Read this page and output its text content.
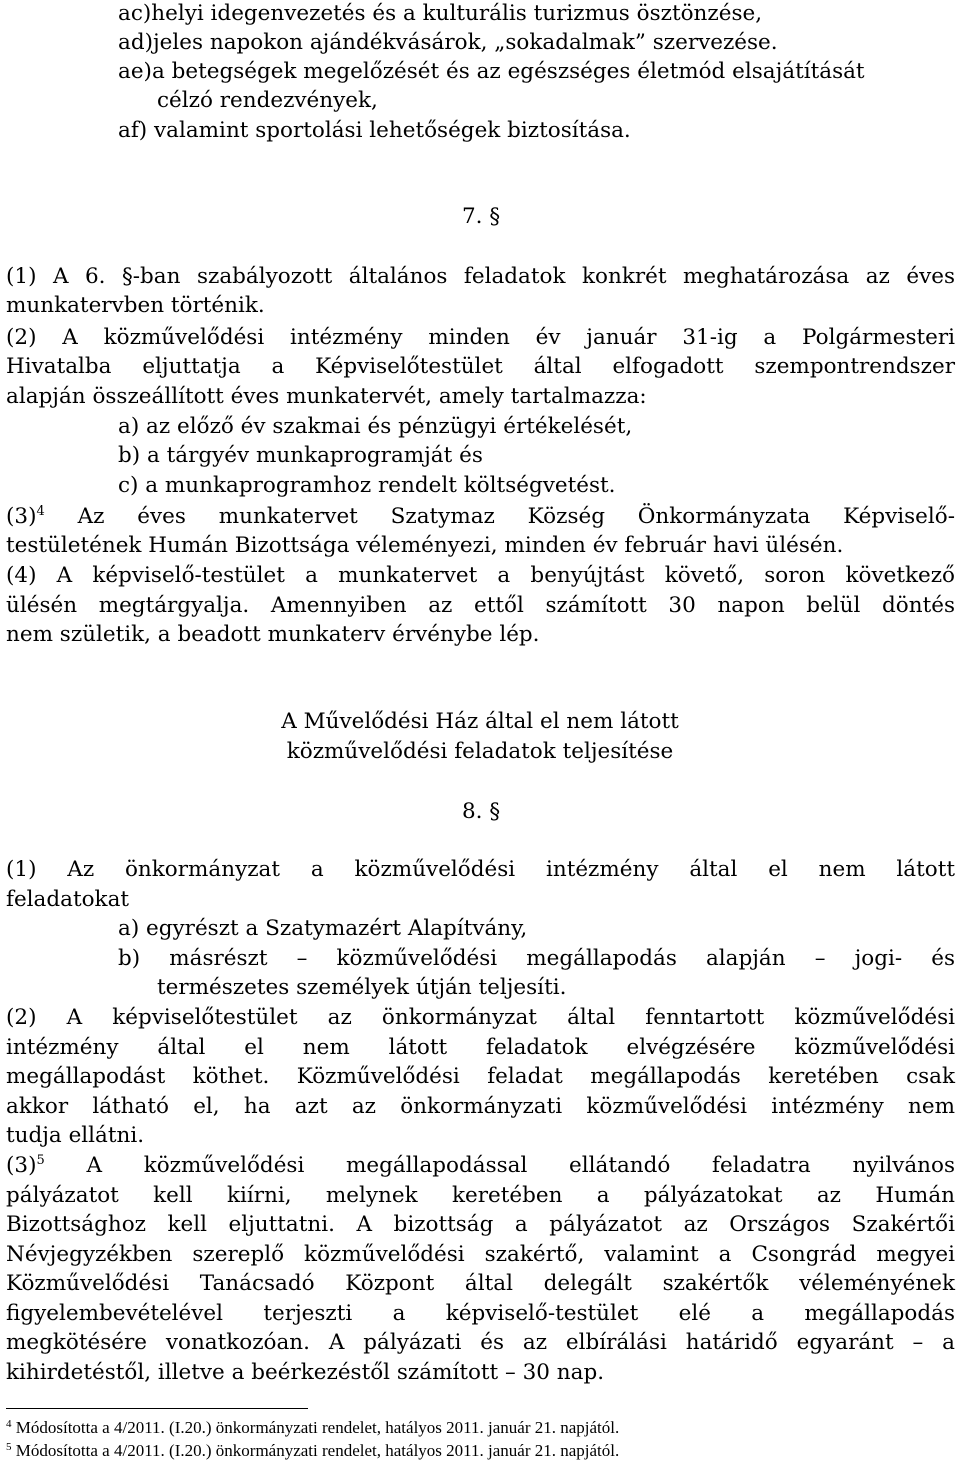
ac)helyi idegenvezetés és a kulturális turizmus ösztönzése,
ad)jeles napokon ajándékvásárok, „sokadalmak” szervezése.
ae)a betegségek megelőzését és az egészséges életmód elsajátítását
célzó rendezvények,
af) valamint sportolási lehetőségek biztosítása.
7. §
(1) A 6. §-ban szabályozott általános feladatok konkrét meghatározása az éves
munkatervben történik.
(2) A közművelődési intézmény minden év január 31-ig a Polgármesteri
Hivatalba eljuttatja a Képviselőtestület által elfogadott szempontrendszer
alapján összeállított éves munkatervét, amely tartalmazza:
a) az előző év szakmai és pénzügyi értékelését,
b) a tárgyév munkaprogramját és
c) a munkaprogramhoz rendelt költségvetést.
$(3)^4$ Az éves munkatervet Szatymaz Község Önkormányzata Képviselő-
testületének Humán Bizottsága véleményezi, minden év február havi ülésén.
(4) A képviselő-testület a munkatervet a benyújtást követő, soron következő
ülésén megtárgyalja. Amennyiben az ettől számított 30 napon belül döntés
nem születik, a beadott munkaterv érvénybe lép.
A Művelődési Ház által el nem látott
közművelődési feladatok teljesítése
8. §
(1) Az önkormányzat a közművelődési intézmény által el nem látott
feladatokat
a) egyrészt a Szatymazért Alapítvány,
b) másrészt – közművelődési megállapodás alapján – jogi- és
természetes személyek útján teljesíti.
(2) A képviselőtestület az önkormányzat által fenntartott közművelődési
intézmény által el nem látott feladatok elvégzésére közművelődési
megállapodást köthet. Közművelődési feladat megállapodás keretében csak
akkor látható el, ha azt az önkormányzati közművelődési intézmény nem
tudja ellátni.
$(3)^5$ A közművelődési megállapodással ellátandó feladatra nyilvános
pályázatot kell kiírni, melynek keretében a pályázatokat az Humán
Bizottsághoz kell eljuttatni. A bizottság a pályázatot az Országos Szakértői
Névjegyzékben szereplő közművelődési szakértő, valamint a Csongrád megyei
Közművelődési Tanácsadó Központ által delegált szakértők véleményének
figyelembevételével terjeszti a képviselő-testület elé a megállapodás
megkötésére vonatkozóan. A pályázati és az elbírálási határidő egyaránt – a
kihirdetéstől, illetve a beérkezéstől számított – 30 nap.
$^4$ Módosította a 4/2011. (I.20.) önkormányzati rendelet, hatályos 2011. január 21. napjától.
$^5$ Módosította a 4/2011. (I.20.) önkormányzati rendelet, hatályos 2011. január 21. napjától.
